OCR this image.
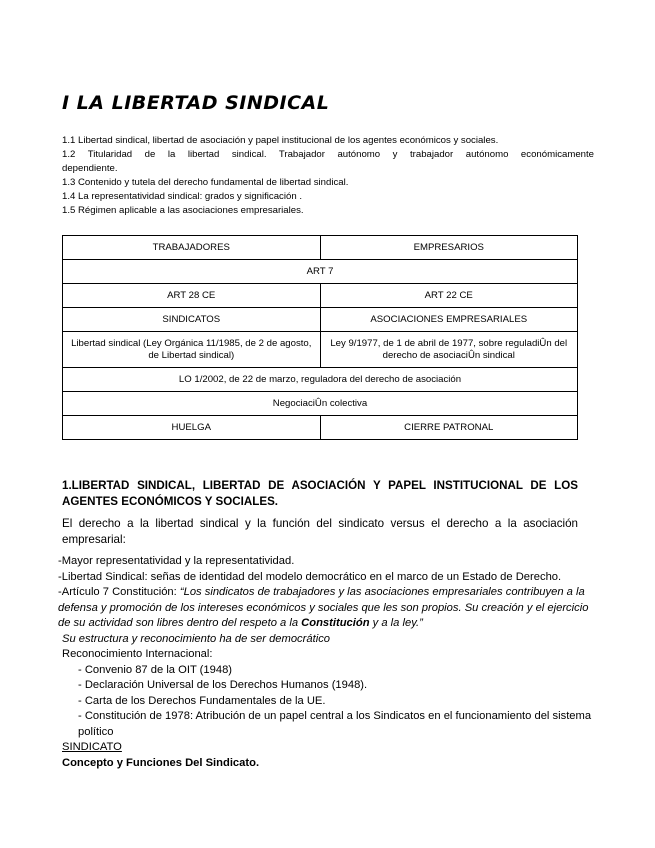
I LA LIBERTAD SINDICAL
1.1 Libertad sindical, libertad de asociación y papel institucional de los agentes económicos y sociales.
1.2 Titularidad de la libertad sindical. Trabajador autónomo y trabajador autónomo económicamente
dependiente.
1.3 Contenido y tutela del derecho fundamental de libertad sindical.
1.4 La representatividad sindical: grados y significación .
1.5 Régimen aplicable a las asociaciones empresariales.
TRABAJADORES	EMPRESARIOS
ART 7	
ART 28 CE	ART 22 CE
SINDICATOS	ASOCIACIONES EMPRESARIALES
Libertad sindical (Ley Orgánica 11/1985, de 2 de agosto, de Libertad sindical)	Ley 9/1977, de 1 de abril de 1977, sobre reguladiÛn del derecho de asociaciÛn sindical
LO 1/2002, de 22 de marzo, reguladora del derecho de asociación	
NegociaciÛn colectiva	
HUELGA	CIERRE PATRONAL
1.LIBERTAD SINDICAL, LIBERTAD DE ASOCIACIÓN Y PAPEL INSTITUCIONAL DE LOS AGENTES ECONÓMICOS Y SOCIALES.
El derecho a la libertad sindical y la función del sindicato versus el derecho a la asociación empresarial:
-Mayor representatividad y la representatividad.
-Libertad Sindical: señas de identidad del modelo democrático en el marco de un Estado de Derecho.
-Artículo 7 Constitución: “Los sindicatos de trabajadores y las asociaciones empresariales contribuyen a la defensa y promoción de los intereses económicos y sociales que les son propios. Su creación y el ejercicio de su actividad son libres dentro del respeto a la Constitución y a la ley.”
Su estructura y reconocimiento ha de ser democrático
Reconocimiento Internacional:
- Convenio 87 de la OIT (1948)
- Declaración Universal de los Derechos Humanos (1948).
- Carta de los Derechos Fundamentales de la UE.
- Constitución de 1978: Atribución de un papel central a los Sindicatos en el funcionamiento del sistema político
SINDICATO
Concepto y Funciones Del Sindicato.
